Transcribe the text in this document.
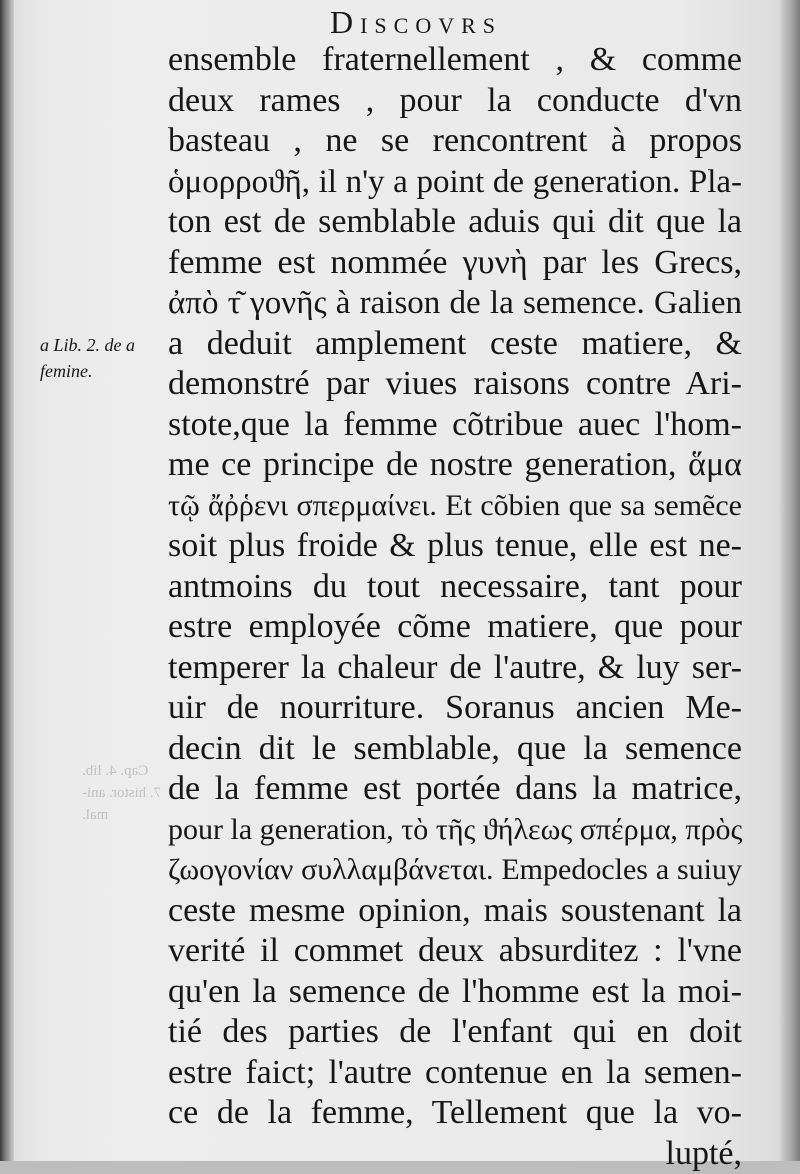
Discovrs
a Lib. 2. de a
femine.
Cap. 4. lib.
7. histor. ani-
mal.
ensemble fraternellement , & comme
deux rames , pour la conducte d'vn
basteau , ne se rencontrent à propos
ὁμορροϑῆ, il n'y a point de generation. Pla-
ton est de semblable aduis qui dit que la
femme est nommée γυνὴ par les Grecs,
ἀπὸ τ͂ γονῆς à raison de la semence. Galien
a deduit amplement ceste matiere, &
demonstré par viues raisons contre Ari-
stote,que la femme cõtribue auec l'hom-
me ce principe de nostre generation, ἅμα
τῷ ἄῤῥενι σπερμαίνει. Et cõbien que sa semẽce
soit plus froide & plus tenue, elle est ne-
antmoins du tout necessaire, tant pour
estre employée cõme matiere, que pour
temperer la chaleur de l'autre, & luy ser-
uir de nourriture. Soranus ancien Me-
decin dit le semblable, que la semence
de la femme est portée dans la matrice,
pour la generation, τὸ τῆς ϑήλεως σπέρμα, πρὸς
ζωογονίαν συλλαμβάνεται. Empedocles a suiuy
ceste mesme opinion, mais soustenant la
verité il commet deux absurditez : l'vne
qu'en la semence de l'homme est la moi-
tié des parties de l'enfant qui en doit
estre faict; l'autre contenue en la semen-
ce de la femme, Tellement que la vo-
lupté,
